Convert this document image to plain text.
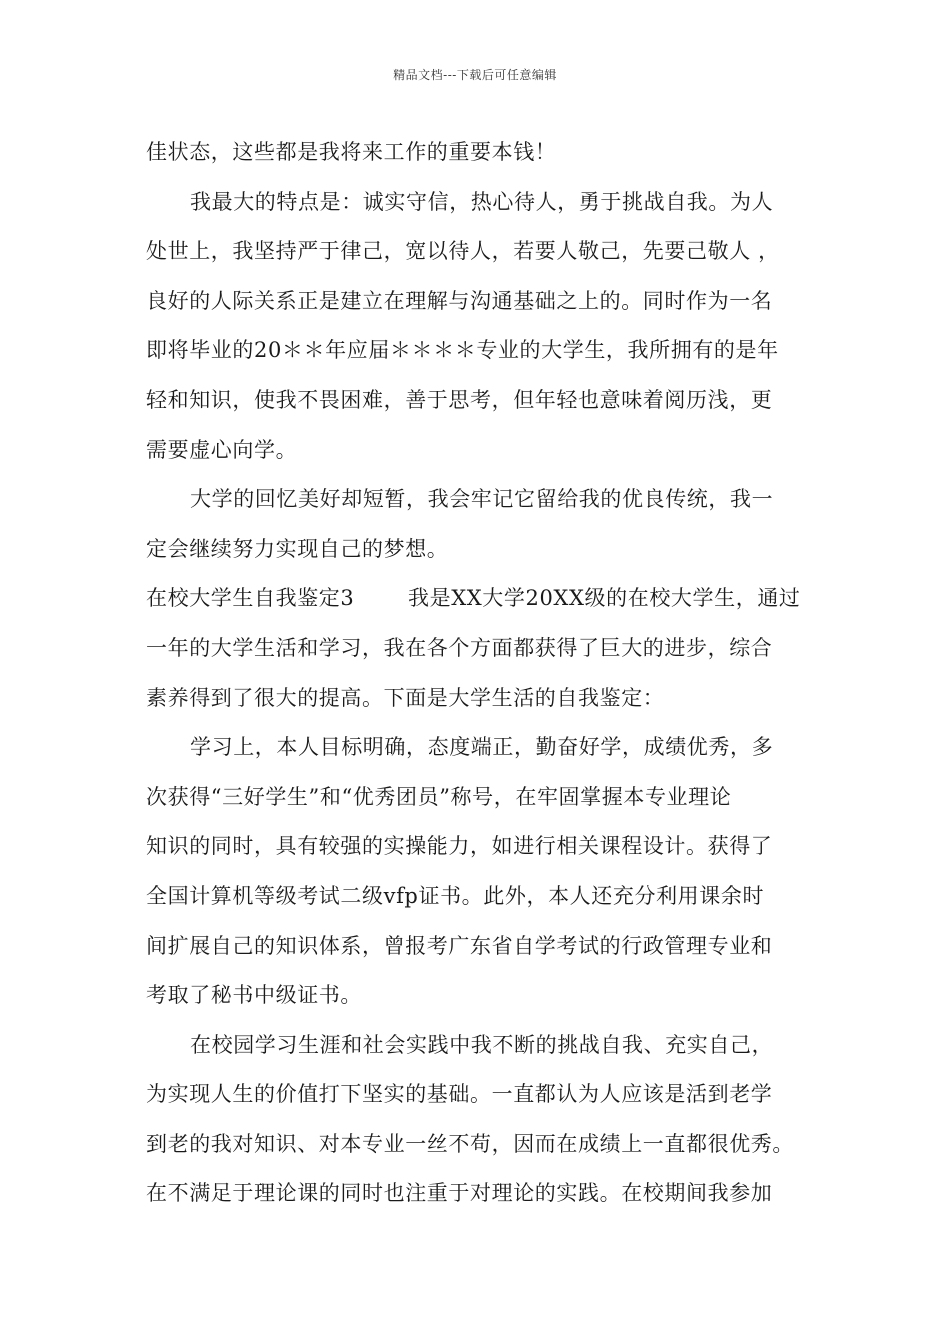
精品文档---下载后可任意编辑
佳状态，这些都是我将来工作的重要本钱！
我最大的特点是：诚实守信，热心待人，勇于挑战自我。为人
处世上，我坚持严于律己，宽以待人，若要人敬己，先要己敬人 ，
良好的人际关系正是建立在理解与沟通基础之上的。同时作为一名
即将毕业的20＊＊年应届＊＊＊＊专业的大学生，我所拥有的是年
轻和知识，使我不畏困难，善于思考，但年轻也意味着阅历浅，更
需要虚心向学。
大学的回忆美好却短暂，我会牢记它留给我的优良传统，我一
定会继续努力实现自己的梦想。
在校大学生自我鉴定3	我是XX大学20XX级的在校大学生，通过
一年的大学生活和学习，我在各个方面都获得了巨大的进步，综合
素养得到了很大的提高。下面是大学生活的自我鉴定：
学习上，本人目标明确，态度端正，勤奋好学，成绩优秀，多
次获得“三好学生”和“优秀团员”称号，在牢固掌握本专业理论
知识的同时，具有较强的实操能力，如进行相关课程设计。获得了
全国计算机等级考试二级vfp证书。此外，本人还充分利用课余时
间扩展自己的知识体系，曾报考广东省自学考试的行政管理专业和
考取了秘书中级证书。
在校园学习生涯和社会实践中我不断的挑战自我、充实自己，
为实现人生的价值打下坚实的基础。一直都认为人应该是活到老学
到老的我对知识、对本专业一丝不苟，因而在成绩上一直都很优秀。
在不满足于理论课的同时也注重于对理论的实践。在校期间我参加
